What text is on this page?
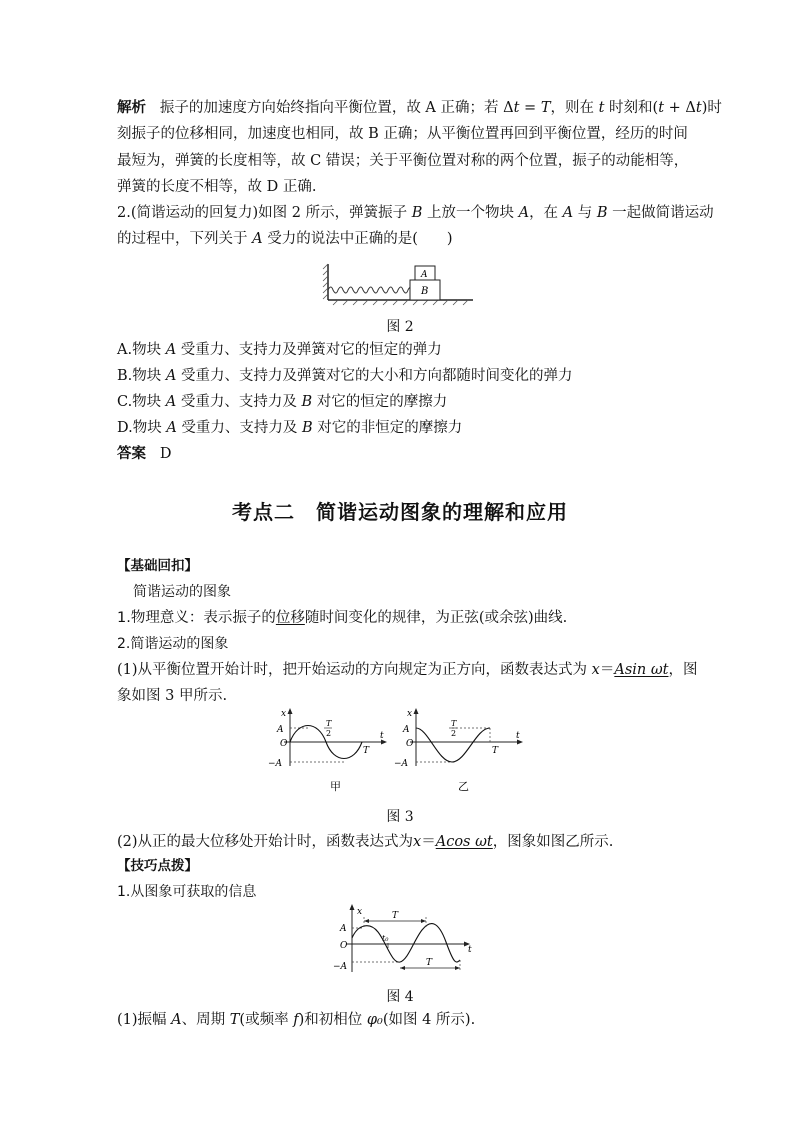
解析 振子的加速度方向始终指向平衡位置，故 A 正确；若 Δt = T，则在 t 时刻和(t + Δt)时
刻振子的位移相同，加速度也相同，故 B 正确；从平衡位置再回到平衡位置，经历的时间
最短为，弹簧的长度相等，故 C 错误；关于平衡位置对称的两个位置，振子的动能相等，
弹簧的长度不相等，故 D 正确.
2.(简谐运动的回复力)如图 2 所示，弹簧振子 B 上放一个物块 A，在 A 与 B 一起做简谐运动
的过程中，下列关于 A 受力的说法中正确的是(　　)
B
A
图 2
A.物块 A 受重力、支持力及弹簧对它的恒定的弹力
B.物块 A 受重力、支持力及弹簧对它的大小和方向都随时间变化的弹力
C.物块 A 受重力、支持力及 B 对它的恒定的摩擦力
D.物块 A 受重力、支持力及 B 对它的非恒定的摩擦力
答案 D
考点二　简谐运动图象的理解和应用
【基础回扣】
简谐运动的图象
1.物理意义：表示振子的位移随时间变化的规律，为正弦(或余弦)曲线.
2.简谐运动的图象
(1)从平衡位置开始计时，把开始运动的方向规定为正方向，函数表达式为 x＝Asin ωt，图
象如图 3 甲所示.
x
t
A
O
−A
T
2
T
x
t
A
O
−A
T
2
T
甲	乙
图 3
(2)从正的最大位移处开始计时，函数表达式为x＝Acos ωt，图象如图乙所示.
【技巧点拨】
1.从图象可获取的信息
x
t
A
O
−A
T
T
t₀
图 4
(1)振幅 A、周期 T(或频率 f)和初相位 φ₀(如图 4 所示).
